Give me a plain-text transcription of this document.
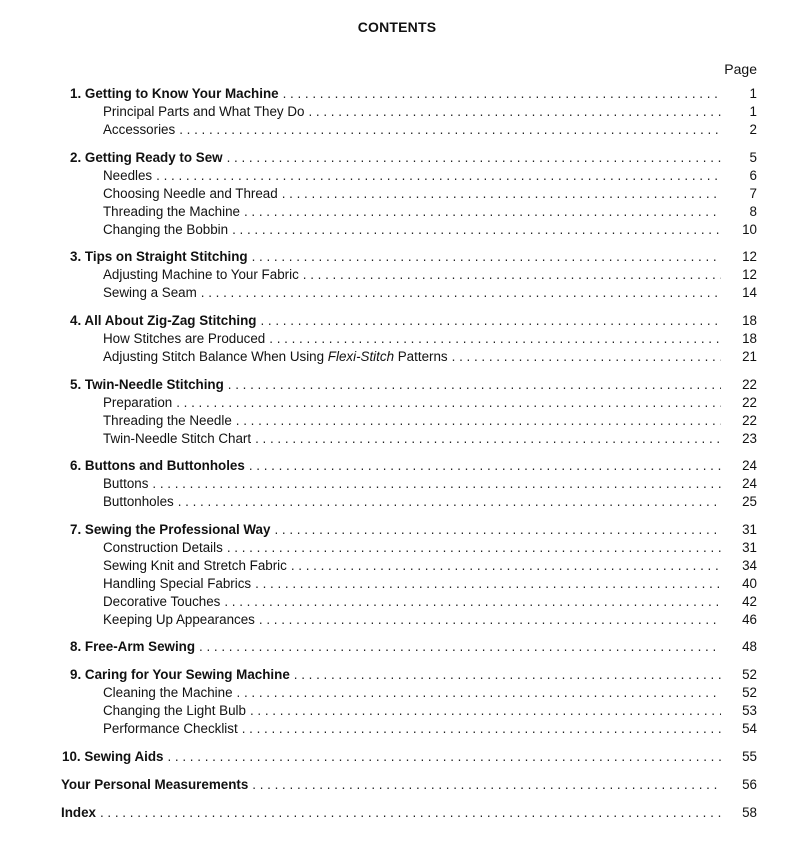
CONTENTS
Page
1. Getting to Know Your Machine . . .	1
Principal Parts and What They Do . . .	1
Accessories . . .	2
2. Getting Ready to Sew . . .	5
Needles . . .	6
Choosing Needle and Thread . . .	7
Threading the Machine . . .	8
Changing the Bobbin . . .	10
3. Tips on Straight Stitching . . .	12
Adjusting Machine to Your Fabric . . .	12
Sewing a Seam . . .	14
4. All About Zig-Zag Stitching . . .	18
How Stitches are Produced . . .	18
Adjusting Stitch Balance When Using Flexi-Stitch Patterns . . .	21
5. Twin-Needle Stitching . . .	22
Preparation . . .	22
Threading the Needle . . .	22
Twin-Needle Stitch Chart . . .	23
6. Buttons and Buttonholes . . .	24
Buttons . . .	24
Buttonholes . . .	25
7. Sewing the Professional Way . . .	31
Construction Details . . .	31
Sewing Knit and Stretch Fabric . . .	34
Handling Special Fabrics . . .	40
Decorative Touches . . .	42
Keeping Up Appearances . . .	46
8. Free-Arm Sewing . . .	48
9. Caring for Your Sewing Machine . . .	52
Cleaning the Machine . . .	52
Changing the Light Bulb . . .	53
Performance Checklist . . .	54
10. Sewing Aids . . .	55
Your Personal Measurements . . .	56
Index . . .	58
